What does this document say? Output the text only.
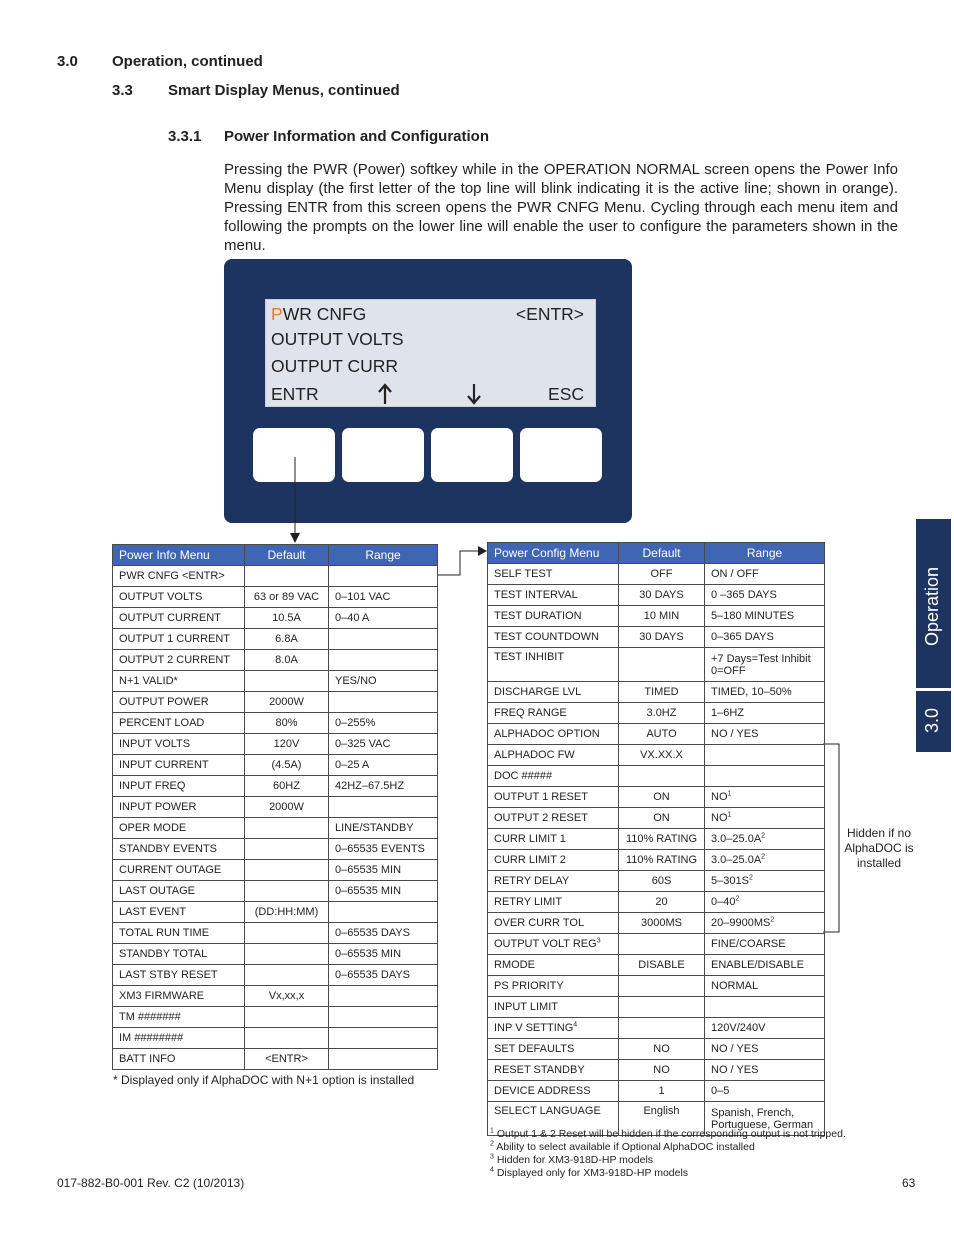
3.0 Operation, continued
3.3 Smart Display Menus, continued
3.3.1 Power Information and Configuration
Pressing the PWR (Power) softkey while in the OPERATION NORMAL screen opens the Power Info Menu display (the first letter of the top line will blink indicating it is the active line; shown in orange). Pressing ENTR from this screen opens the PWR CNFG Menu. Cycling through each menu item and following the prompts on the lower line will enable the user to configure the parameters shown in the menu.
PWR CNFG	<ENTR>
OUTPUT VOLTS
OUTPUT CURR
ENTR	ESC
Power Info Menu	Default	Range
PWR CNFG <ENTR>		
OUTPUT VOLTS	63 or 89 VAC	0–101 VAC
OUTPUT CURRENT	10.5A	0–40 A
OUTPUT 1 CURRENT	6.8A	
OUTPUT 2 CURRENT	8.0A	
N+1 VALID*		YES/NO
OUTPUT POWER	2000W	
PERCENT LOAD	80%	0–255%
INPUT VOLTS	120V	0–325 VAC
INPUT CURRENT	(4.5A)	0–25 A
INPUT FREQ	60HZ	42HZ–67.5HZ
INPUT POWER	2000W	
OPER MODE		LINE/STANDBY
STANDBY EVENTS		0–65535 EVENTS
CURRENT OUTAGE		0–65535 MIN
LAST OUTAGE		0–65535 MIN
LAST EVENT	(DD:HH:MM)	
TOTAL RUN TIME		0–65535 DAYS
STANDBY TOTAL		0–65535 MIN
LAST STBY RESET		0–65535 DAYS
XM3 FIRMWARE	Vx,xx,x	
TM #######		
IM ########		
BATT INFO	<ENTR>	
* Displayed only if AlphaDOC with N+1 option is installed
Power Config Menu	Default	Range
SELF TEST	OFF	ON / OFF
TEST INTERVAL	30 DAYS	0 –365 DAYS
TEST DURATION	10 MIN	5–180 MINUTES
TEST COUNTDOWN	30 DAYS	0–365 DAYS
TEST INHIBIT		+7 Days=Test Inhibit
0=OFF
DISCHARGE LVL	TIMED	TIMED, 10–50%
FREQ RANGE	3.0HZ	1–6HZ
ALPHADOC OPTION	AUTO	NO / YES
ALPHADOC FW	VX.XX.X	
DOC #####		
OUTPUT 1 RESET	ON	$NO^1$
OUTPUT 2 RESET	ON	$NO^1$
CURR LIMIT 1	110% RATING	$3.0-25.0A^2$
CURR LIMIT 2	110% RATING	$3.0-25.0A^2$
RETRY DELAY	60S	$5-301S^2$
RETRY LIMIT	20	$0-40^2$
OVER CURR TOL	3000MS	$20-9900MS^2$
OUTPUT VOLT REG$^3$		FINE/COARSE
RMODE	DISABLE	ENABLE/DISABLE
PS PRIORITY		NORMAL
INPUT LIMIT		
INP V SETTING$^4$		120V/240V
SET DEFAULTS	NO	NO / YES
RESET STANDBY	NO	NO / YES
DEVICE ADDRESS	1	0–5
SELECT LANGUAGE	English	Spanish, French,
Portuguese, German
Hidden if no
AlphaDOC is
installed
$^1$ Output 1 & 2 Reset will be hidden if the corresponding output is not tripped.
$^2$ Ability to select available if Optional AlphaDOC installed
$^3$ Hidden for XM3-918D-HP models
$^4$ Displayed only for XM3-918D-HP models
Operation
3.0
017-882-B0-001 Rev. C2 (10/2013)	63
